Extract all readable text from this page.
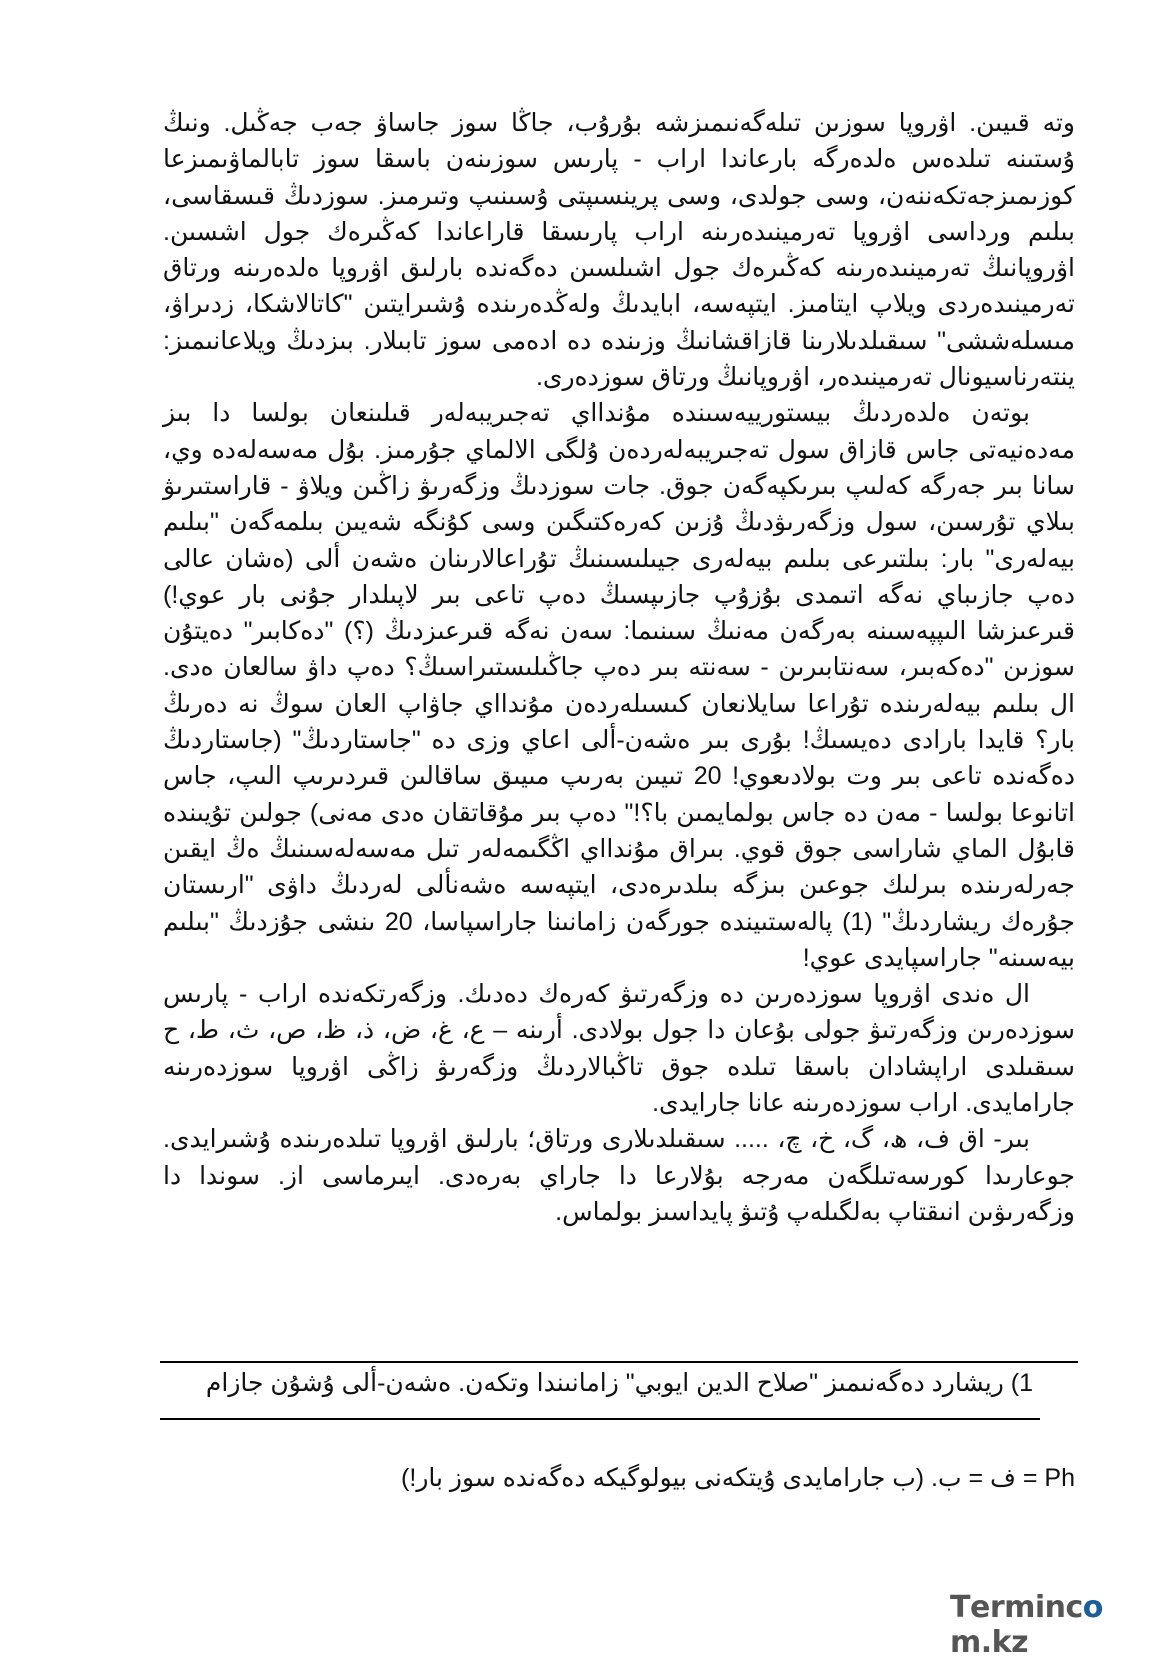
وته قىيىن. اۋروپا سوزىن تىلەگەنىمىزشە بۇرۇب، جاڭا سوز جاساۋ جەب جەڭىل. ونىڭ ۇستىنە تىلدەس ەلدەرگە بارعاندا اراب - پارىس سوزىنەن باسقا سوز تابالماۋىمىزعا كوزىمىزجەتكەننەن، وسى جولدى، وسى پرينسىپتى ۇسىنىپ وتىرمىز. سوزدىڭ قىسقاسى، بىلىم ورداسى اۋروپا تەرمينىدەرىنە اراب پارىسقا قاراعاندا كەڭىرەك جول اشسىن. اۋروپانىڭ تەرمينىدەرىنە كەڭىرەك جول اشىلسىن دەگەندە بارلىق اۋروپا ەلدەرىنە ورتاق تەرمينىدەردى ويلاپ ايتامىز. ايتپەسە، ابايدىڭ ولەڭدەرىندە ۇشىرايتىن "كاتالاشكا، زدىراۋ، مىسلەششى" سىقىلدىلارىنا قازاقشانىڭ وزىندە دە ادەمى سوز تابىلار. بىزدىڭ ويلاعانىمىز: ينتەرناسيونال تەرمينىدەر، اۋروپانىڭ ورتاق سوزدەرى.

بوتەن ەلدەردىڭ بيستورييەسىندە مۇندااي تەجىريبەلەر قىلىنعان بولسا دا بىز مەدەنيەتى جاس قازاق سول تەجىريبەلەردەن ۇلگى الالماي جۇرمىز. بۇل مەسەلەدە وي، سانا بىر جەرگە كەلىپ بىرىكپەگەن جوق. جات سوزدىڭ وزگەرىۋ زاڭىن ويلاۋ - قاراستىرىۋ بىلاي تۇرسىن، سول وزگەرىۋدىڭ ۇزىن كەرەكتىگىن وسى كۇنگە شەيىن بىلمەگەن "بىلىم بيەلەرى" بار: بىلتىرعى بىلىم بيەلەرى جيىلىسىنىڭ تۇراعالارىنان ەشەن ألى (ەشان عالى دەپ جازىباي نەگە اتىمدى بۇزۇپ جازىپسىڭ دەپ تاعى بىر لاپىلدار جۇنى بار عوي!) قىرعىزشا الىپپەسىنە بەرگەن مەنىڭ سىنىما: سەن نەگە قىرعىزدىڭ (؟) "دەكابىر" دەيتۇن سوزىن "دەكەبىر، سەنتابىرىن - سەنتە بىر دەپ جاڭىلىستىراسىڭ؟ دەپ داۋ سالعان ەدى. ال بىلىم بيەلەرىندە تۇراعا سايلانعان كىسىلەردەن مۇندااي جاۋاپ العان سوڭ نە دەرىڭ بار؟ قايدا بارادى دەيسىڭ! بۇرى بىر ەشەن-ألى اعاي وزى دە "جاستاردىڭ" (جاستاردىڭ دەگەندە تاعى بىر وت بولادىعوي! 20 تىيىن بەرىپ مىيىق ساقالىن قىردىرىپ الىپ، جاس اتانوعا بولسا - مەن دە جاس بولمايمىن با؟!" دەپ بىر مۇقاتقان ەدى مەنى) جولىن تۇيىندە قابۇل الماي شاراسى جوق قوي. بىراق مۇندااي اڭگىمەلەر تىل مەسەلەسىنىڭ ەڭ ايقىن جەرلەرىندە بىرلىك جوعىن بىزگە بىلدىرەدى، ايتپەسە ەشەنألى لەردىڭ داۋى "ارىستان جۇرەك ريشاردىڭ" (1) پالەستىيندە جورگەن زامانىنا جاراسپاسا، 20 ىنشى جۇزدىڭ "بىلىم بيەسىنە" جاراسپايدى عوي!

ال ەندى اۋروپا سوزدەرىن دە وزگەرتىۋ كەرەك دەدىك. وزگەرتكەندە اراب - پارىس سوزدەرىن وزگەرتىۋ جولى بۇعان دا جول بولادى. أرىنە – ع، غ، ض، ذ، ظ، ص، ث، ط، ح سىقىلدى اراپشادان باسقا تىلدە جوق تاڭبالاردىڭ وزگەرىۋ زاڭى اۋروپا سوزدەرىنە جارامايدى. اراب سوزدەرىنە عانا جارايدى.

بىر- اق ف، ھ، گ، خ، چ، ..... سىقىلدىلارى ورتاق؛ بارلىق اۋروپا تىلدەرىندە ۇشىرايدى. جوعارىدا كورسەتىلگەن مەرجە بۇلارعا دا جاراي بەرەدى. ايىرماسى از. سوندا دا وزگەرىۋىن انىقتاپ بەلگىلەپ ۇتىۋ پايداسىز بولماس.

1) ريشارد دەگەنىمىز "صلاح الدين ايوبي" زامانىندا وتكەن. ەشەن-ألى ۇشۇن جازام

Ph = ف = ب. (ب جارامايدى ۇيتكەنى بيولوگيكە دەگەندە سوز بار!)

Termincom.kz
